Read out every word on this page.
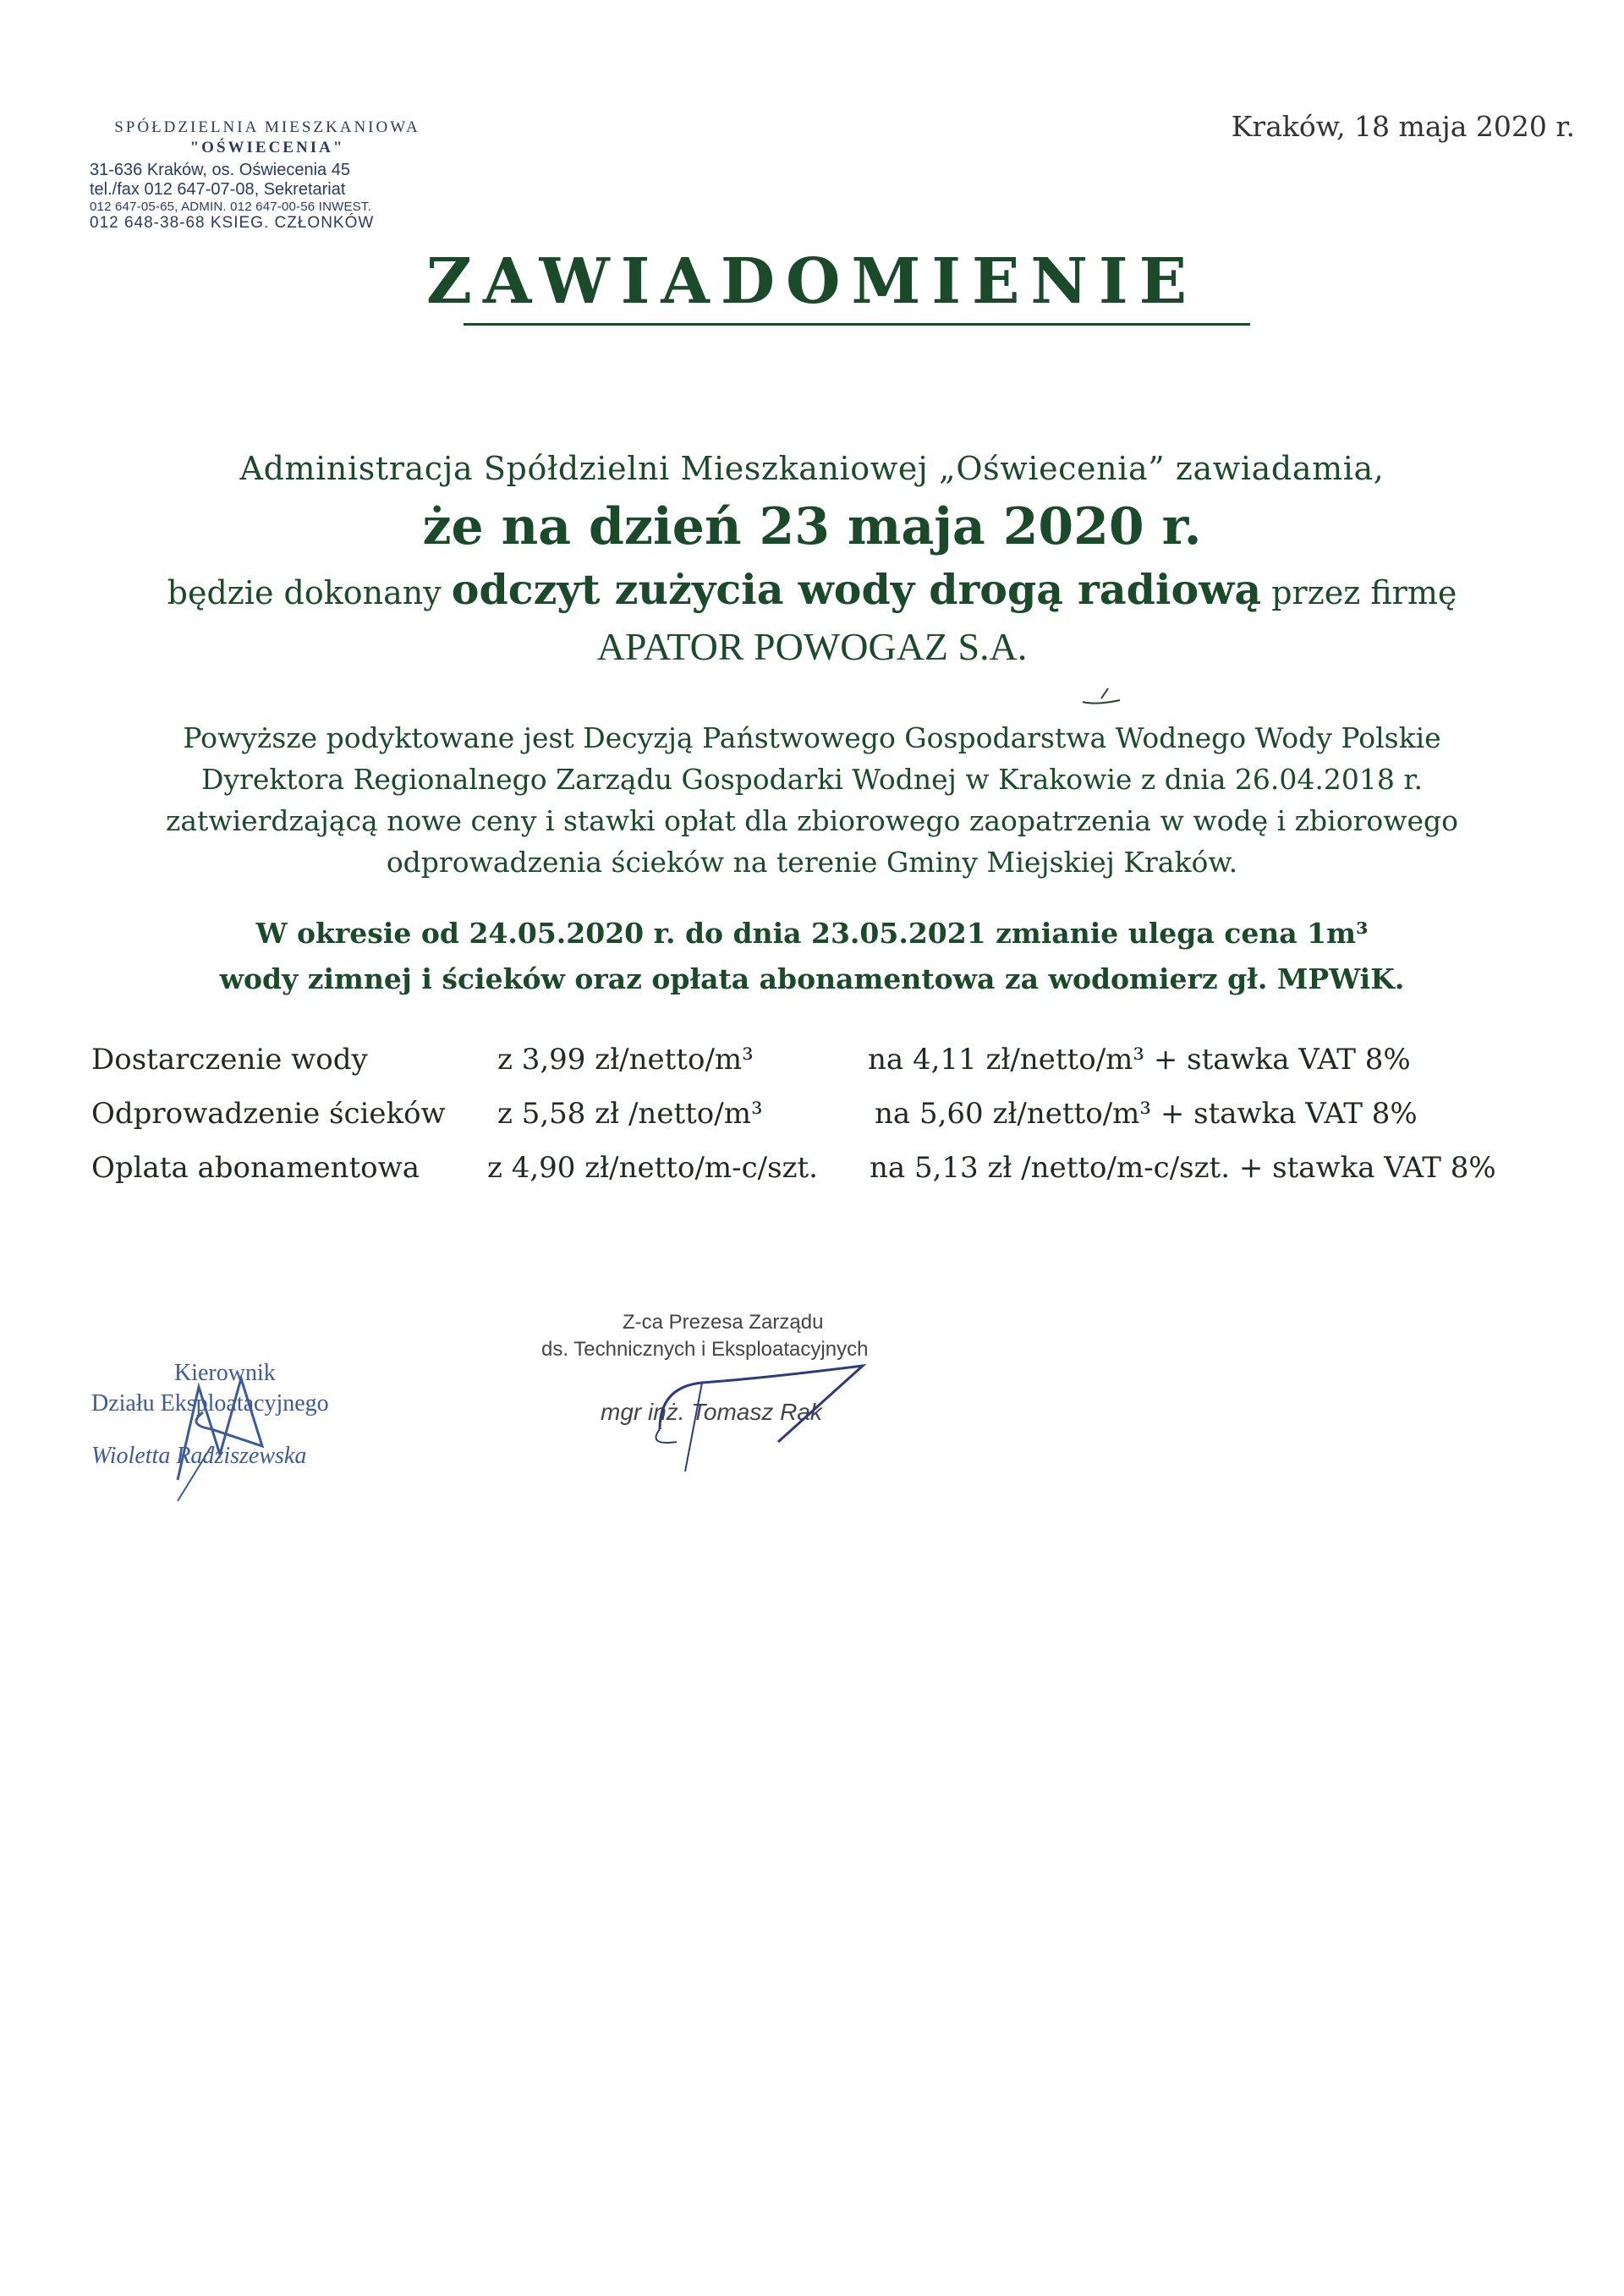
SPÓŁDZIELNIA MIESZKANIOWA
"OŚWIECENIA"
31-636 Kraków, os. Oświecenia 45
tel./fax 012 647-07-08, Sekretariat
012 647-05-65, ADMIN. 012 647-00-56 INWEST.
012 648-38-68 KSIEG. CZŁONKÓW
Kraków, 18 maja 2020 r.
ZAWIADOMIENIE
Administracja Spółdzielni Mieszkaniowej „Oświecenia” zawiadamia,
że na dzień 23 maja 2020 r.
będzie dokonany odczyt zużycia wody drogą radiową przez firmę
APATOR POWOGAZ S.A.
Powyższe podyktowane jest Decyzją Państwowego Gospodarstwa Wodnego Wody Polskie
Dyrektora Regionalnego Zarządu Gospodarki Wodnej w Krakowie z dnia 26.04.2018 r.
zatwierdzającą nowe ceny i stawki opłat dla zbiorowego zaopatrzenia w wodę i zbiorowego
odprowadzenia ścieków na terenie Gminy Miejskiej Kraków.
W okresie od 24.05.2020 r. do dnia 23.05.2021 zmianie ulega cena 1m³
wody zimnej i ścieków oraz opłata abonamentowa za wodomierz gł. MPWiK.
Dostarczenie wody	z 3,99 zł/netto/m³	na 4,11 zł/netto/m³ + stawka VAT 8%
Odprowadzenie ścieków z 5,58 zł /netto/m³	na 5,60 zł/netto/m³ + stawka VAT 8%
Oplata abonamentowa z 4,90 zł/netto/m-c/szt. na 5,13 zł /netto/m-c/szt. + stawka VAT 8%
Kierownik
Działu Eksploatacyjnego
Wioletta Radziszewska
Z-ca Prezesa Zarządu
ds. Technicznych i Eksploatacyjnych
mgr inż. Tomasz Rak
